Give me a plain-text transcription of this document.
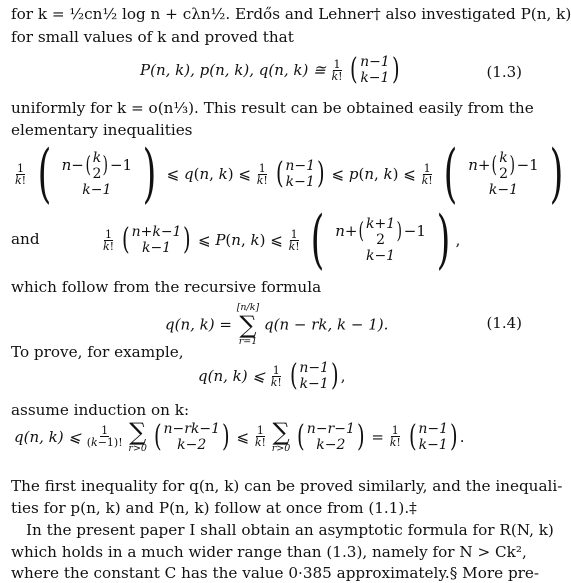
for k = ½cn½ log n + cλn½. Erdős and Lehner† also investigated P(n, k)
for small values of k and proved that
P(n, k), p(n, k), q(n, k) ≅ $\frac{1}{k!}$
( n−1
k−1 )	(1.3)
uniformly for k = o(n⅓). This result can be obtained easily from the
elementary inequalities
$\frac{1}{k!}$ ( n− ( k
2 ) −1
k−1 ) ⩽ q(n, k) ⩽ $\frac{1}{k!}$
( n−1
k−1 ) ⩽ p(n, k) ⩽ $\frac{1}{k!}$ ( n+ ( k
2 ) −1
k−1 )
and	$\frac{1}{k!}$
( n+k−1
k−1 ) ⩽ P(n, k) ⩽ $\frac{1}{k!}$ ( n+ ( k+1
2 ) −1
k−1 ) ,
which follow from the recursive formula
q(n, k) =
[n/k]
∑
r=1
q(n − rk, k − 1).	(1.4)
To prove, for example,
q(n, k) ⩽ $\frac{1}{k!}$
( n−1
k−1 ) ,
assume induction on k:
q(n, k) ⩽ $\frac{1}{(k-1)!}$
∑
r>0
( n−rk−1
k−2 ) ⩽ $\frac{1}{k!}$
∑
r>0
( n−r−1
k−2 ) = $\frac{1}{k!}$
( n−1
k−1 ) .
The first inequality for q(n, k) can be proved similarly, and the inequali-
ties for p(n, k) and P(n, k) follow at once from (1.1).‡
In the present paper I shall obtain an asymptotic formula for R(N, k)
which holds in a much wider range than (1.3), namely for N > Ck²,
where the constant C has the value 0·385 approximately.§ More pre-
